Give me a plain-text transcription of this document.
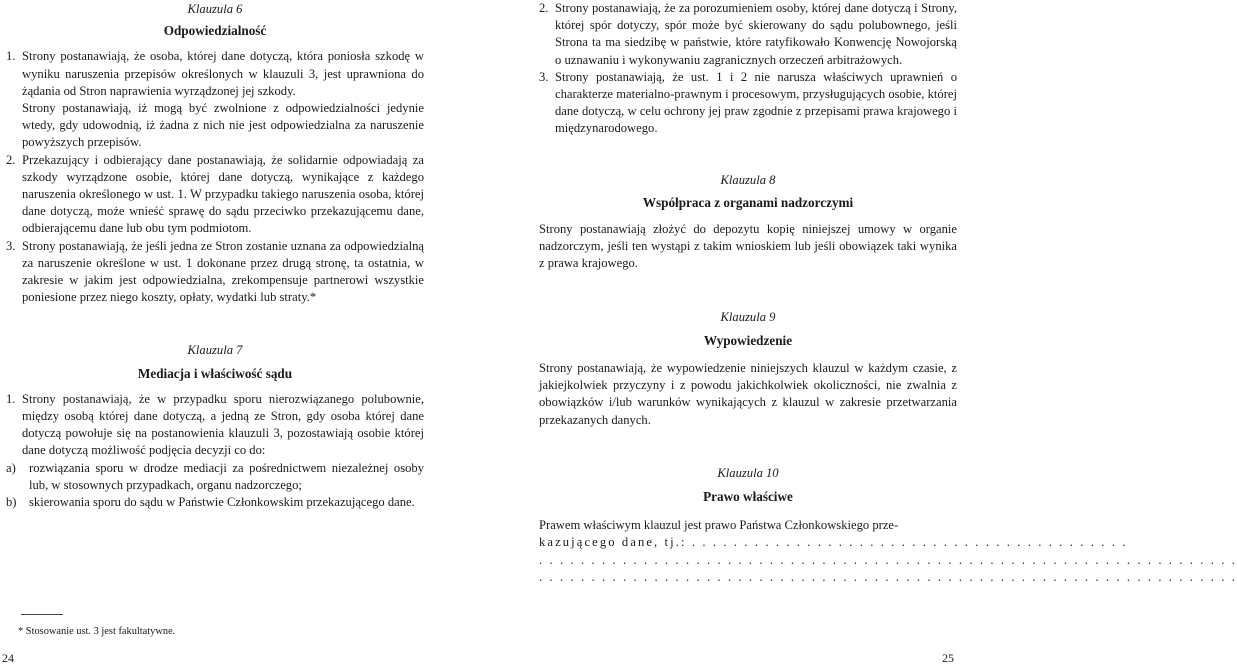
Klauzula 6
Odpowiedzialność
1. Strony postanawiają, że osoba, której dane dotyczą, która poniosła szkodę w wyniku naruszenia przepisów określonych w klauzuli 3, jest uprawniona do żądania od Stron naprawienia wyrządzonej jej szkody.
Strony postanawiają, iż mogą być zwolnione z odpowiedzialności jedynie wtedy, gdy udowodnią, iż żadna z nich nie jest odpowiedzialna za naruszenie powyższych przepisów.
2. Przekazujący i odbierający dane postanawiają, że solidarnie odpowiadają za szkody wyrządzone osobie, której dane dotyczą, wynikające z każdego naruszenia określonego w ust. 1. W przypadku takiego naruszenia osoba, której dane dotyczą, może wnieść sprawę do sądu przeciwko przekazującemu dane, odbierającemu dane lub obu tym podmiotom.
3. Strony postanawiają, że jeśli jedna ze Stron zostanie uznana za odpowiedzialną za naruszenie określone w ust. 1 dokonane przez drugą stronę, ta ostatnia, w zakresie w jakim jest odpowiedzialna, zrekompensuje partnerowi wszystkie poniesione przez niego koszty, opłaty, wydatki lub straty.*
Klauzula 7
Mediacja i właściwość sądu
1. Strony postanawiają, że w przypadku sporu nierozwiązanego polubownie, między osobą której dane dotyczą, a jedną ze Stron, gdy osoba której dane dotyczą powołuje się na postanowienia klauzuli 3, pozostawiają osobie której dane dotyczą możliwość podjęcia decyzji co do:
a)	rozwiązania sporu w drodze mediacji za pośrednictwem niezależnej osoby lub, w stosownych przypadkach, organu nadzorczego;
b) skierowania sporu do sądu w Państwie Członkowskim przekazującego dane.
* Stosowanie ust. 3 jest fakultatywne.
24
2. Strony postanawiają, że za porozumieniem osoby, której dane dotyczą i Strony, której spór dotyczy, spór może być skierowany do sądu polubownego, jeśli Strona ta ma siedzibę w państwie, które ratyfikowało Konwencję Nowojorską o uznawaniu i wykonywaniu zagranicznych orzeczeń arbitrażowych.
3. Strony postanawiają, że ust. 1 i 2 nie narusza właściwych uprawnień o charakterze materialno-prawnym i procesowym, przysługujących osobie, której dane dotyczą, w celu ochrony jej praw zgodnie z przepisami prawa krajowego i międzynarodowego.
Klauzula 8
Współpraca z organami nadzorczymi
Strony postanawiają złożyć do depozytu kopię niniejszej umowy w organie nadzorczym, jeśli ten wystąpi z takim wnioskiem lub jeśli obowiązek taki wynika z prawa krajowego.
Klauzula 9
Wypowiedzenie
Strony postanawiają, że wypowiedzenie niniejszych klauzul w każdym czasie, z jakiejkolwiek przyczyny i z powodu jakichkolwiek okoliczności, nie zwalnia z obowiązków i/lub warunków wynikających z klauzul w zakresie przetwarzania przekazanych danych.
Klauzula 10
Prawo właściwe
Prawem właściwym klauzul jest prawo Państwa Członkowskiego prze-
kazującego dane, tj.: . . . . . . . . . . . . . . . . . . . . . . . . . . . . . . . . . . . . . . . . . .
. . . . . . . . . . . . . . . . . . . . . . . . . . . . . . . . . . . . . . . . . . . . . . . . . . . . . . . . . . . . . . . . . . .
. . . . . . . . . . . . . . . . . . . . . . . . . . . . . . . . . . . . . . . . . . . . . . . . . . . . . . . . . . . . . . . . . . .
25
